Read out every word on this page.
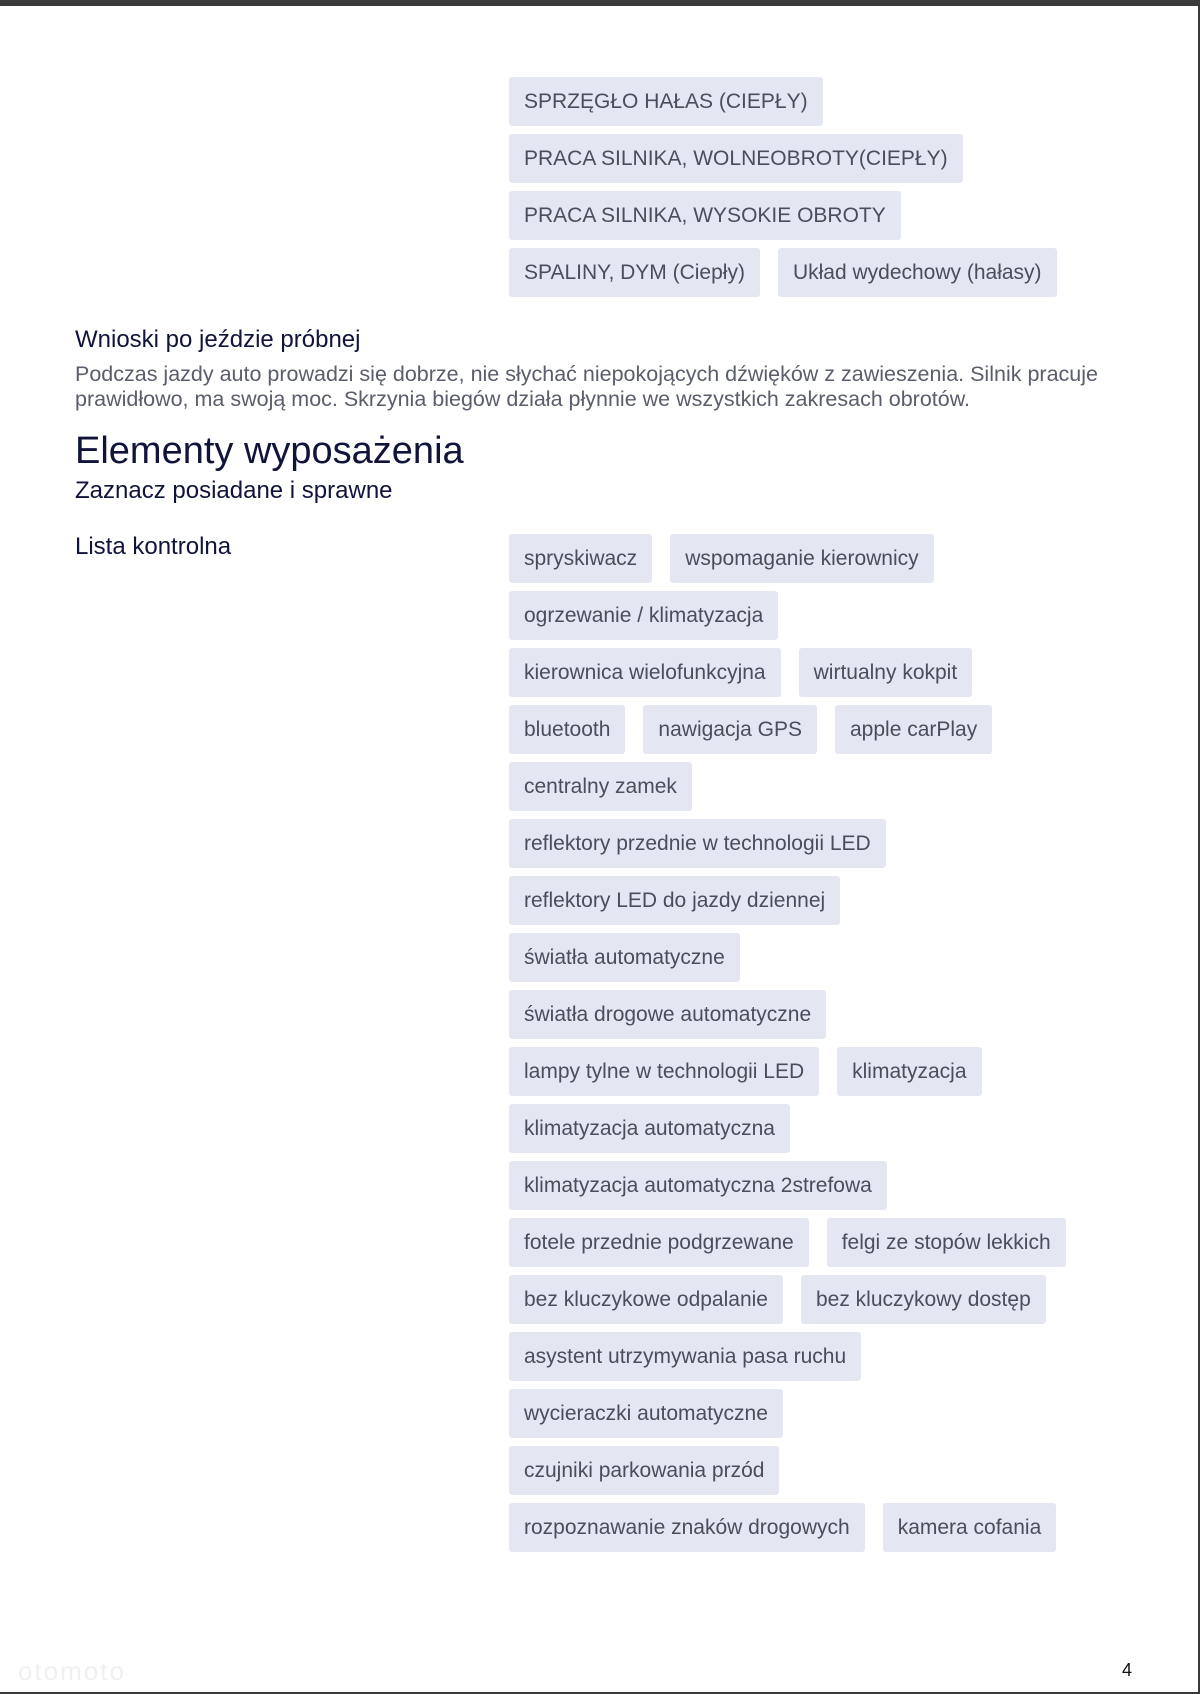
SPRZĘGŁO HAŁAS (CIEPŁY)
PRACA SILNIKA, WOLNEOBROTY(CIEPŁY)
PRACA SILNIKA, WYSOKIE OBROTY
SPALINY, DYM (Ciepły)	Układ wydechowy (hałasy)
Wnioski po jeździe próbnej

Podczas jazdy auto prowadzi się dobrze, nie słychać niepokojących dźwięków z zawieszenia. Silnik pracuje prawidłowo, ma swoją moc. Skrzynia biegów działa płynnie we wszystkich zakresach obrotów.

Elementy wyposażenia
Zaznacz posiadane i sprawne
Lista kontrolna	spryskiwacz	wspomaganie kierownicy
ogrzewanie / klimatyzacja
kierownica wielofunkcyjna	wirtualny kokpit
bluetooth	nawigacja GPS	apple carPlay
centralny zamek
reflektory przednie w technologii LED
reflektory LED do jazdy dziennej
światła automatyczne
światła drogowe automatyczne
lampy tylne w technologii LED	klimatyzacja
klimatyzacja automatyczna
klimatyzacja automatyczna 2strefowa
fotele przednie podgrzewane	felgi ze stopów lekkich
bez kluczykowe odpalanie	bez kluczykowy dostęp
asystent utrzymywania pasa ruchu
wycieraczki automatyczne
czujniki parkowania przód
rozpoznawanie znaków drogowych	kamera cofania
otomoto	4
